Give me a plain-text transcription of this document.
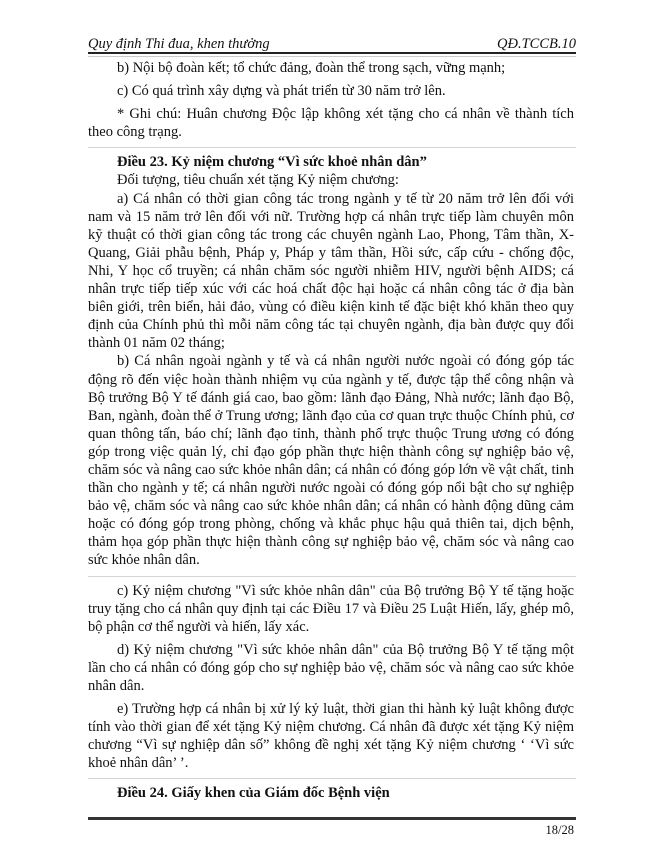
Quy định Thi đua, khen thưởng	QĐ.TCCB.10

b) Nội bộ đoàn kết; tổ chức đảng, đoàn thể trong sạch, vững mạnh;

c) Có quá trình xây dựng và phát triển từ 30 năm trở lên.

* Ghi chú: Huân chương Độc lập không xét tặng cho cá nhân về thành tích theo công trạng.

Điều 23. Kỷ niệm chương “Vì sức khoẻ nhân dân”

Đối tượng, tiêu chuẩn xét tặng Kỷ niệm chương:

a) Cá nhân có thời gian công tác trong ngành y tế từ 20 năm trở lên đối với nam và 15 năm trở lên đối với nữ. Trường hợp cá nhân trực tiếp làm chuyên môn kỹ thuật có thời gian công tác trong các chuyên ngành Lao, Phong, Tâm thần, X-Quang, Giải phẫu bệnh, Pháp y, Pháp y tâm thần, Hồi sức, cấp cứu - chống độc, Nhi, Y học cổ truyền; cá nhân chăm sóc người nhiễm HIV, người bệnh AIDS; cá nhân trực tiếp tiếp xúc với các hoá chất độc hại hoặc cá nhân công tác ở địa bàn biên giới, trên biển, hải đảo, vùng có điều kiện kinh tế đặc biệt khó khăn theo quy định của Chính phủ thì mỗi năm công tác tại chuyên ngành, địa bàn được quy đổi thành 01 năm 02 tháng;

b) Cá nhân ngoài ngành y tế và cá nhân người nước ngoài có đóng góp tác động rõ đến việc hoàn thành nhiệm vụ của ngành y tế, được tập thể công nhận và Bộ trưởng Bộ Y tế đánh giá cao, bao gồm: lãnh đạo Đảng, Nhà nước; lãnh đạo Bộ, Ban, ngành, đoàn thể ở Trung ương; lãnh đạo của cơ quan trực thuộc Chính phủ, cơ quan thông tấn, báo chí; lãnh đạo tỉnh, thành phố trực thuộc Trung ương có đóng góp trong việc quản lý, chỉ đạo góp phần thực hiện thành công sự nghiệp bảo vệ, chăm sóc và nâng cao sức khỏe nhân dân; cá nhân có đóng góp lớn về vật chất, tinh thần cho ngành y tế; cá nhân người nước ngoài có đóng góp nổi bật cho sự nghiệp bảo vệ, chăm sóc và nâng cao sức khỏe nhân dân; cá nhân có hành động dũng cảm hoặc có đóng góp trong phòng, chống và khắc phục hậu quả thiên tai, dịch bệnh, thảm họa góp phần thực hiện thành công sự nghiệp bảo vệ, chăm sóc và nâng cao sức khỏe nhân dân.

c) Kỷ niệm chương "Vì sức khỏe nhân dân" của Bộ trưởng Bộ Y tế tặng hoặc truy tặng cho cá nhân quy định tại các Điều 17 và Điều 25 Luật Hiến, lấy, ghép mô, bộ phận cơ thể người và hiến, lấy xác.

d) Kỷ niệm chương "Vì sức khỏe nhân dân" của Bộ trưởng Bộ Y tế tặng một lần cho cá nhân có đóng góp cho sự nghiệp bảo vệ, chăm sóc và nâng cao sức khỏe nhân dân.

e) Trường hợp cá nhân bị xử lý kỷ luật, thời gian thi hành kỷ luật không được tính vào thời gian để xét tặng Kỷ niệm chương. Cá nhân đã được xét tặng Kỷ niệm chương “Vì sự nghiệp dân số” không đề nghị xét tặng Kỷ niệm chương ‘ ‘Vì sức khoẻ nhân dân’ ’.

Điều 24. Giấy khen của Giám đốc Bệnh viện

18/28
